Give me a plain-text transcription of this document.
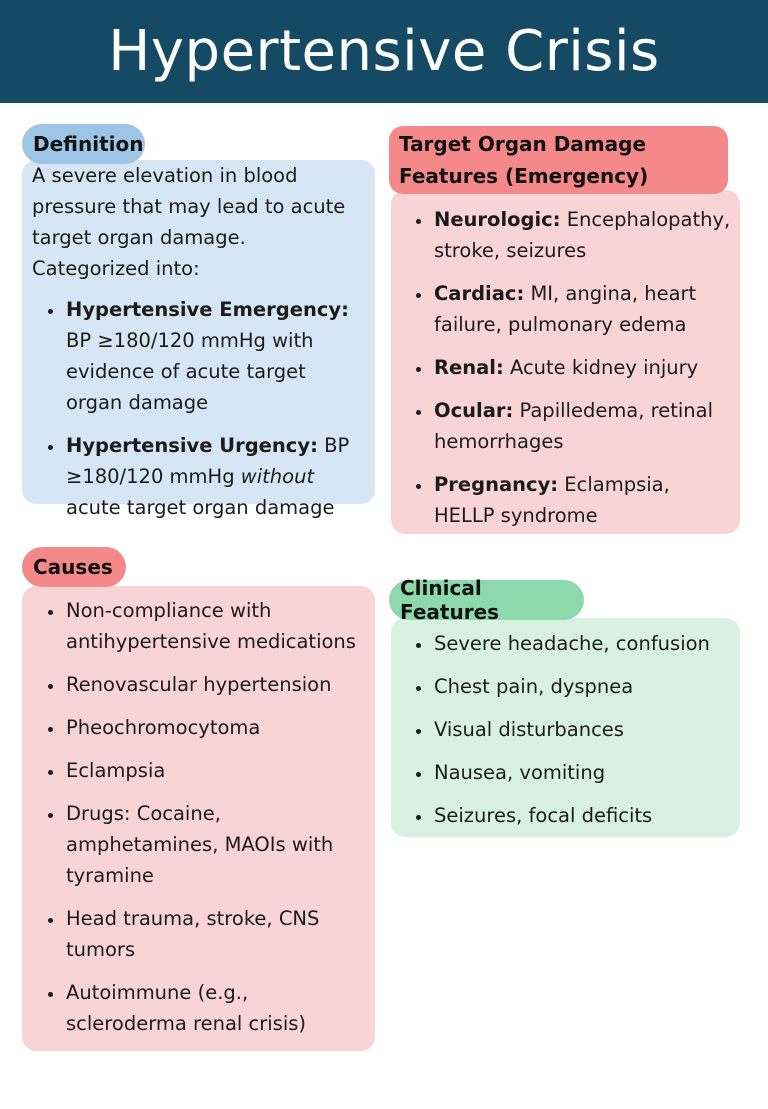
Hypertensive Crisis

A severe elevation in blood pressure that may lead to acute target organ damage. Categorized into:

• Hypertensive Emergency: BP ≥180/120 mmHg with evidence of acute target organ damage
• Hypertensive Urgency: BP ≥180/120 mmHg without acute target organ damage
Definition
• Neurologic: Encephalopathy, stroke, seizures
• Cardiac: MI, angina, heart failure, pulmonary edema
• Renal: Acute kidney injury
• Ocular: Papilledema, retinal hemorrhages
• Pregnancy: Eclampsia, HELLP syndrome
Target Organ Damage Features (Emergency)
• Non-compliance with antihypertensive medications
• Renovascular hypertension
• Pheochromocytoma
• Eclampsia
• Drugs: Cocaine, amphetamines, MAOIs with tyramine
• Head trauma, stroke, CNS tumors
• Autoimmune (e.g., scleroderma renal crisis)
Causes
• Severe headache, confusion
• Chest pain, dyspnea
• Visual disturbances
• Nausea, vomiting
• Seizures, focal deficits
Clinical Features
